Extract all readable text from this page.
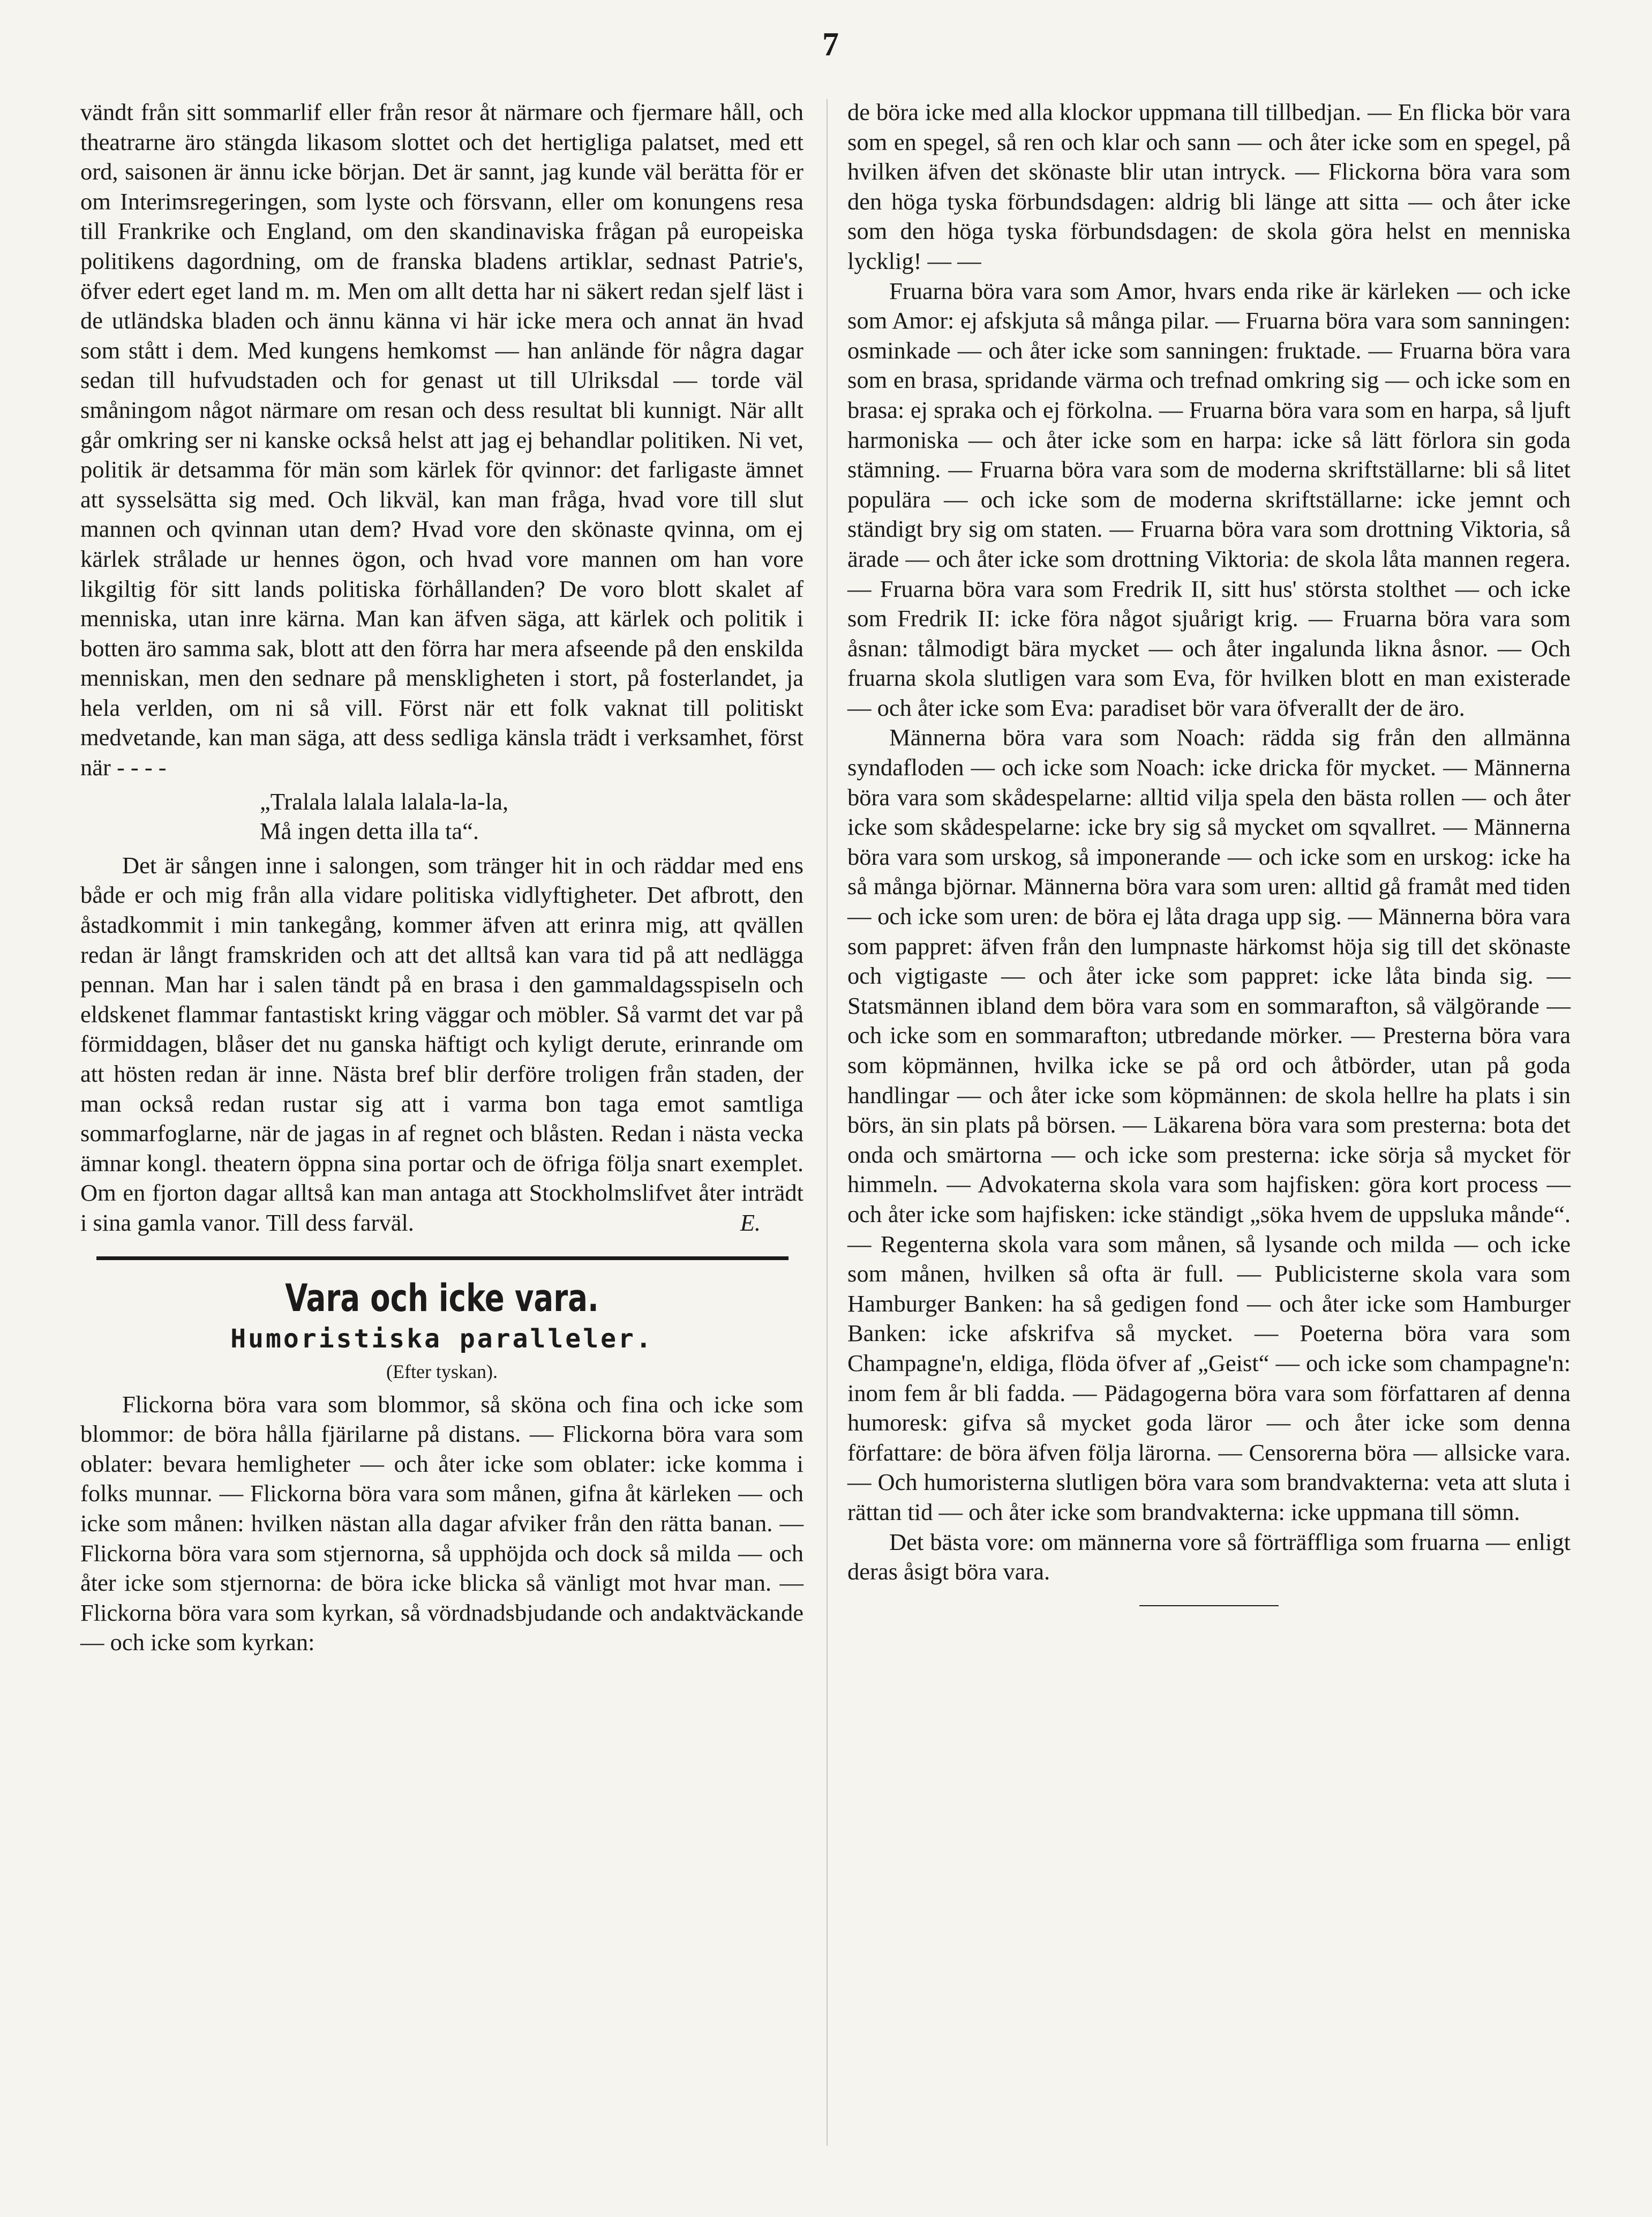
7

vändt från sitt sommarlif eller från resor åt närmare och fjermare håll, och theatrarne äro stängda likasom slottet och det hertigliga palatset, med ett ord, saisonen är ännu icke början. Det är sannt, jag kunde väl berätta för er om Interimsregeringen, som lyste och försvann, eller om konungens resa till Frankrike och England, om den skandinaviska frågan på europeiska politikens dagordning, om de franska bladens artiklar, sednast Patrie's, öfver edert eget land m. m. Men om allt detta har ni säkert redan sjelf läst i de utländska bladen och ännu känna vi här icke mera och annat än hvad som stått i dem. Med kungens hemkomst — han anlände för några dagar sedan till hufvudstaden och for genast ut till Ulriksdal — torde väl småningom något närmare om resan och dess resultat bli kunnigt. När allt går omkring ser ni kanske också helst att jag ej behandlar politiken. Ni vet, politik är detsamma för män som kärlek för qvinnor: det farligaste ämnet att sysselsätta sig med. Och likväl, kan man fråga, hvad vore till slut mannen och qvinnan utan dem? Hvad vore den skönaste qvinna, om ej kärlek strålade ur hennes ögon, och hvad vore mannen om han vore likgiltig för sitt lands politiska förhållanden? De voro blott skalet af menniska, utan inre kärna. Man kan äfven säga, att kärlek och politik i botten äro samma sak, blott att den förra har mera afseende på den enskilda menniskan, men den sednare på menskligheten i stort, på fosterlandet, ja hela verlden, om ni så vill. Först när ett folk vaknat till politiskt medvetande, kan man säga, att dess sedliga känsla trädt i verksamhet, först när - - - -

„Tralala lalala lalala-la-la,

Må ingen detta illa ta“.

Det är sången inne i salongen, som tränger hit in och räddar med ens både er och mig från alla vidare politiska vidlyftigheter. Det afbrott, den åstadkommit i min tankegång, kommer äfven att erinra mig, att qvällen redan är långt framskriden och att det alltså kan vara tid på att nedlägga pennan. Man har i salen tändt på en brasa i den gammaldagsspiseln och eldskenet flammar fantastiskt kring väggar och möbler. Så varmt det var på förmiddagen, blåser det nu ganska häftigt och kyligt derute, erinrande om att hösten redan är inne. Nästa bref blir derföre troligen från staden, der man också redan rustar sig att i varma bon taga emot samtliga sommarfoglarne, när de jagas in af regnet och blåsten. Redan i nästa vecka ämnar kongl. theatern öppna sina portar och de öfriga följa snart exemplet. Om en fjorton dagar alltså kan man antaga att Stockholmslifvet åter inträdt i sina gamla vanor. Till dess farväl.	E.

Vara och icke vara.
Humoristiska paralleler.
(Efter tyskan).

Flickorna böra vara som blommor, så sköna och fina och icke som blommor: de böra hålla fjärilarne på distans. — Flickorna böra vara som oblater: bevara hemligheter — och åter icke som oblater: icke komma i folks munnar. — Flickorna böra vara som månen, gifna åt kärleken — och icke som månen: hvilken nästan alla dagar afviker från den rätta banan. — Flickorna böra vara som stjernorna, så upphöjda och dock så milda — och åter icke som stjernorna: de böra icke blicka så vänligt mot hvar man. — Flickorna böra vara som kyrkan, så vördnadsbjudande och andaktväckande — och icke som kyrkan:

de böra icke med alla klockor uppmana till tillbedjan. — En flicka bör vara som en spegel, så ren och klar och sann — och åter icke som en spegel, på hvilken äfven det skönaste blir utan intryck. — Flickorna böra vara som den höga tyska förbundsdagen: aldrig bli länge att sitta — och åter icke som den höga tyska förbundsdagen: de skola göra helst en menniska lycklig! — —

Fruarna böra vara som Amor, hvars enda rike är kärleken — och icke som Amor: ej afskjuta så många pilar. — Fruarna böra vara som sanningen: osminkade — och åter icke som sanningen: fruktade. — Fruarna böra vara som en brasa, spridande värma och trefnad omkring sig — och icke som en brasa: ej spraka och ej förkolna. — Fruarna böra vara som en harpa, så ljuft harmoniska — och åter icke som en harpa: icke så lätt förlora sin goda stämning. — Fruarna böra vara som de moderna skriftställarne: bli så litet populära — och icke som de moderna skriftställarne: icke jemnt och ständigt bry sig om staten. — Fruarna böra vara som drottning Viktoria, så ärade — och åter icke som drottning Viktoria: de skola låta mannen regera. — Fruarna böra vara som Fredrik II, sitt hus' största stolthet — och icke som Fredrik II: icke föra något sjuårigt krig. — Fruarna böra vara som åsnan: tålmodigt bära mycket — och åter ingalunda likna åsnor. — Och fruarna skola slutligen vara som Eva, för hvilken blott en man existerade — och åter icke som Eva: paradiset bör vara öfverallt der de äro.

Männerna böra vara som Noach: rädda sig från den allmänna syndafloden — och icke som Noach: icke dricka för mycket. — Männerna böra vara som skådespelarne: alltid vilja spela den bästa rollen — och åter icke som skådespelarne: icke bry sig så mycket om sqvallret. — Männerna böra vara som urskog, så imponerande — och icke som en urskog: icke ha så många björnar. Männerna böra vara som uren: alltid gå framåt med tiden — och icke som uren: de böra ej låta draga upp sig. — Männerna böra vara som pappret: äfven från den lumpnaste härkomst höja sig till det skönaste och vigtigaste — och åter icke som pappret: icke låta binda sig. — Statsmännen ibland dem böra vara som en sommarafton, så välgörande — och icke som en sommarafton; utbredande mörker. — Presterna böra vara som köpmännen, hvilka icke se på ord och åtbörder, utan på goda handlingar — och åter icke som köpmännen: de skola hellre ha plats i sin börs, än sin plats på börsen. — Läkarena böra vara som presterna: bota det onda och smärtorna — och icke som presterna: icke sörja så mycket för himmeln. — Advokaterna skola vara som hajfisken: göra kort process — och åter icke som hajfisken: icke ständigt „söka hvem de uppsluka månde“. — Regenterna skola vara som månen, så lysande och milda — och icke som månen, hvilken så ofta är full. — Publicisterne skola vara som Hamburger Banken: ha så gedigen fond — och åter icke som Hamburger Banken: icke afskrifva så mycket. — Poeterna böra vara som Champagne'n, eldiga, flöda öfver af „Geist“ — och icke som champagne'n: inom fem år bli fadda. — Pädagogerna böra vara som författaren af denna humoresk: gifva så mycket goda läror — och åter icke som denna författare: de böra äfven följa lärorna. — Censorerna böra — allsicke vara. — Och humoristerna slutligen böra vara som brandvakterna: veta att sluta i rättan tid — och åter icke som brandvakterna: icke uppmana till sömn.

Det bästa vore: om männerna vore så förträffliga som fruarna — enligt deras åsigt böra vara.
